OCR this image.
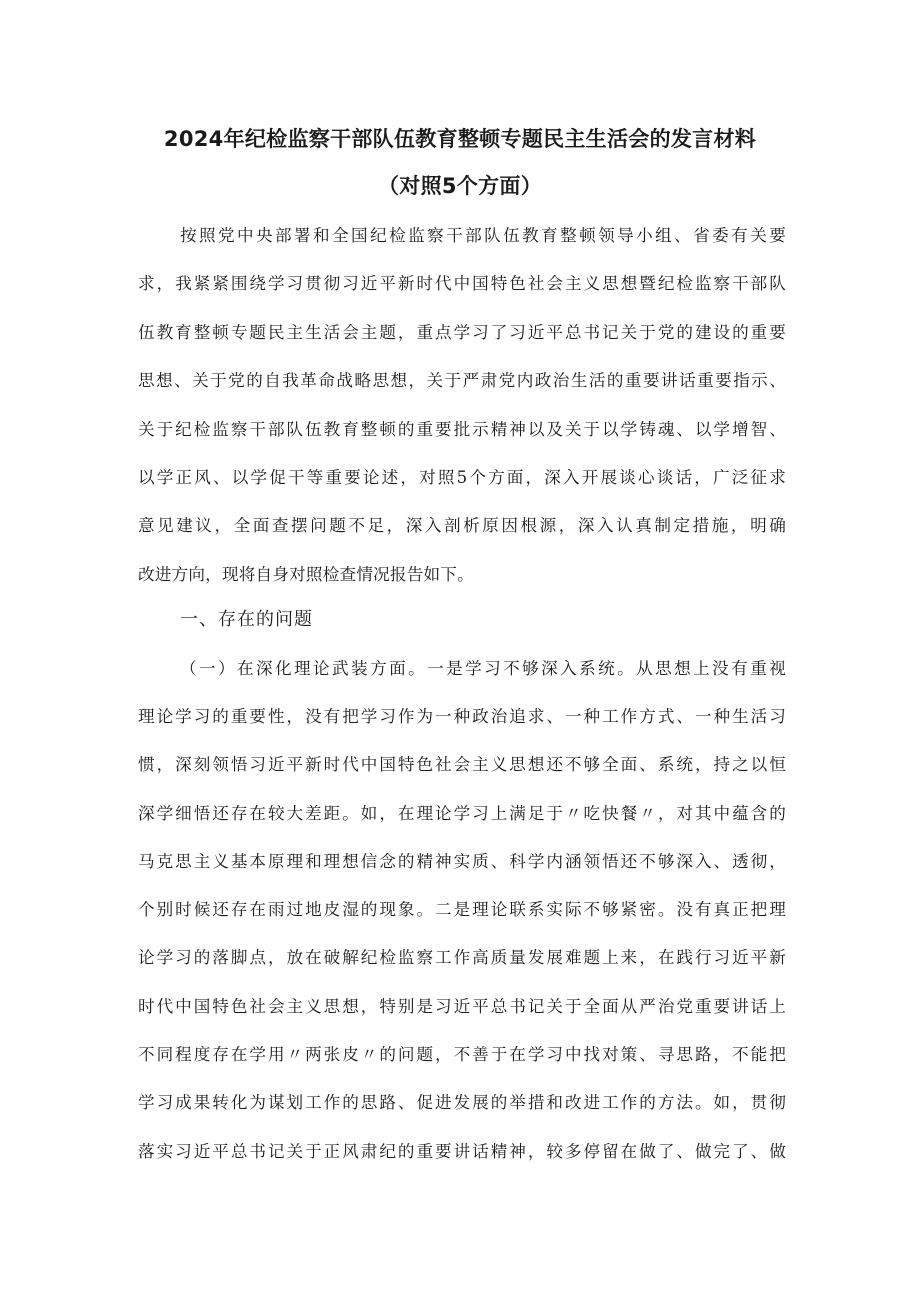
2024年纪检监察干部队伍教育整顿专题民主生活会的发言材料
（对照5个方面）
按照党中央部署和全国纪检监察干部队伍教育整顿领导小组、省委有关要
求，我紧紧围绕学习贯彻习近平新时代中国特色社会主义思想暨纪检监察干部队
伍教育整顿专题民主生活会主题，重点学习了习近平总书记关于党的建设的重要
思想、关于党的自我革命战略思想，关于严肃党内政治生活的重要讲话重要指示、
关于纪检监察干部队伍教育整顿的重要批示精神以及关于以学铸魂、以学增智、
以学正风、以学促干等重要论述，对照5个方面，深入开展谈心谈话，广泛征求
意见建议，全面查摆问题不足，深入剖析原因根源，深入认真制定措施，明确
改进方向，现将自身对照检查情况报告如下。
一、存在的问题
（一）在深化理论武装方面。一是学习不够深入系统。从思想上没有重视
理论学习的重要性，没有把学习作为一种政治追求、一种工作方式、一种生活习
惯，深刻领悟习近平新时代中国特色社会主义思想还不够全面、系统，持之以恒
深学细悟还存在较大差距。如，在理论学习上满足于〃吃快餐〃，对其中蕴含的
马克思主义基本原理和理想信念的精神实质、科学内涵领悟还不够深入、透彻，
个别时候还存在雨过地皮湿的现象。二是理论联系实际不够紧密。没有真正把理
论学习的落脚点，放在破解纪检监察工作高质量发展难题上来，在践行习近平新
时代中国特色社会主义思想，特别是习近平总书记关于全面从严治党重要讲话上
不同程度存在学用〃两张皮〃的问题，不善于在学习中找对策、寻思路，不能把
学习成果转化为谋划工作的思路、促进发展的举措和改进工作的方法。如，贯彻
落实习近平总书记关于正风肃纪的重要讲话精神，较多停留在做了、做完了、做
